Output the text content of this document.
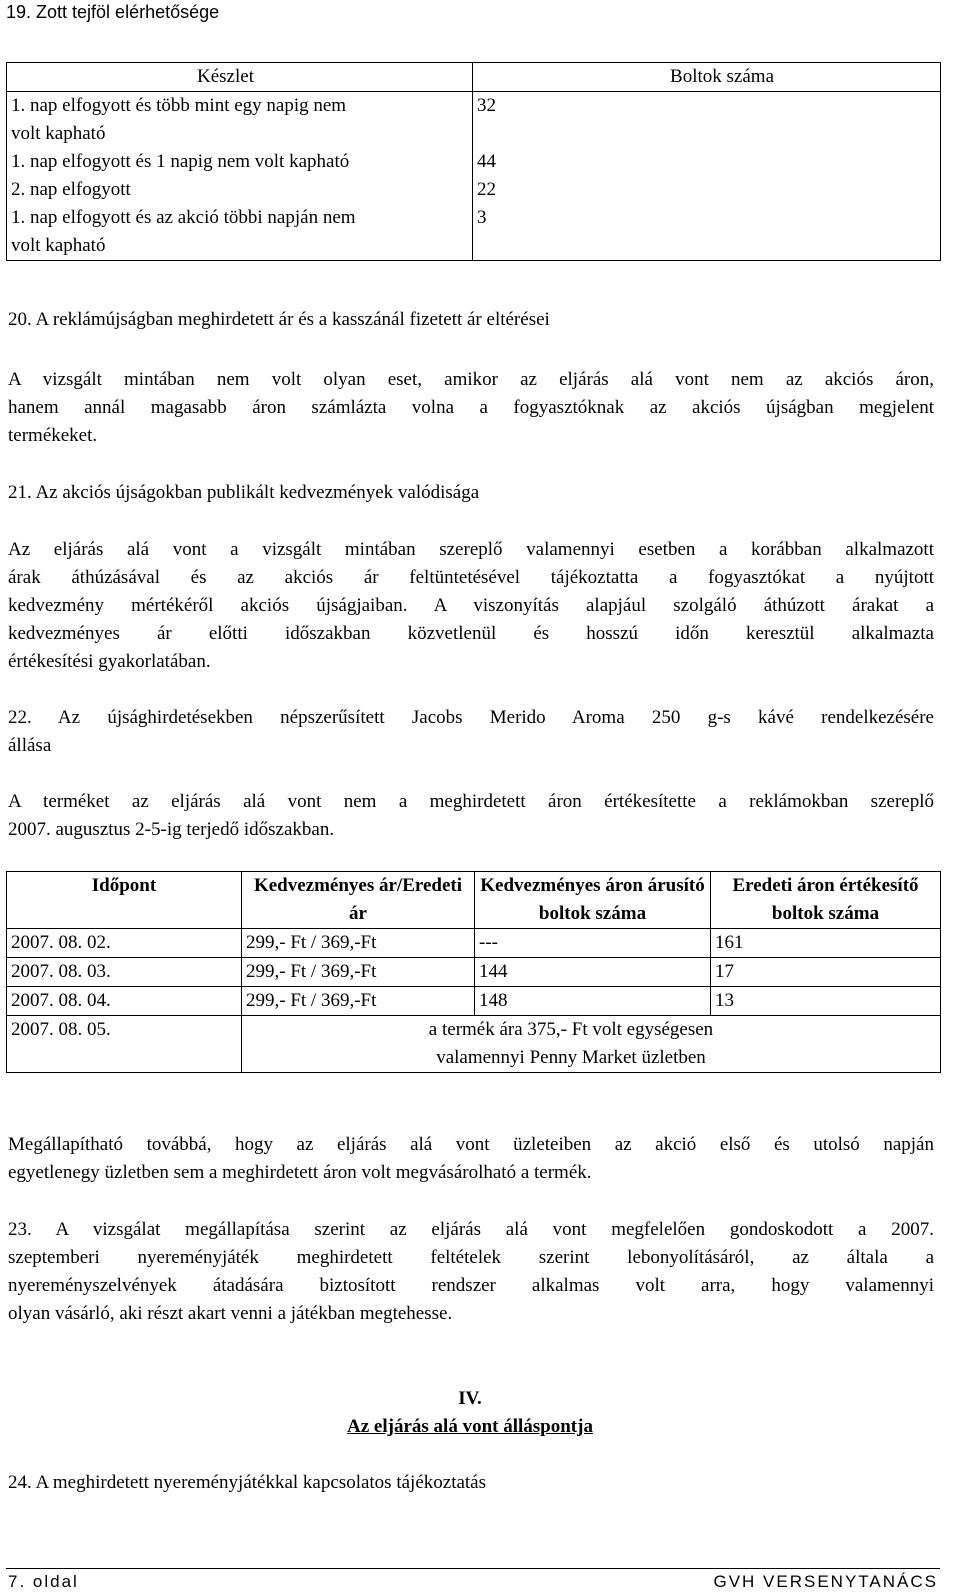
19. Zott tejföl elérhetősége
Készlet	Boltok száma

1. nap elfogyott és több mint egy napig nem
volt kapható	32
1. nap elfogyott és 1 napig nem volt kapható	44
2. nap elfogyott	22

1. nap elfogyott és az akció többi napján nem
volt kapható	3
20. A reklámújságban meghirdetett ár és a kasszánál fizetett ár eltérései
A vizsgált mintában nem volt olyan eset, amikor az eljárás alá vont nem az akciós áron,
hanem annál magasabb áron számlázta volna a fogyasztóknak az akciós újságban megjelent
termékeket.
21. Az akciós újságokban publikált kedvezmények valódisága
Az eljárás alá vont a vizsgált mintában szereplő valamennyi esetben a korábban alkalmazott
árak áthúzásával és az akciós ár feltüntetésével tájékoztatta a fogyasztókat a nyújtott
kedvezmény mértékéről akciós újságjaiban. A viszonyítás alapjául szolgáló áthúzott árakat a
kedvezményes ár előtti időszakban közvetlenül és hosszú időn keresztül alkalmazta
értékesítési gyakorlatában.
22. Az újsághirdetésekben népszerűsített Jacobs Merido Aroma 250 g-s kávé rendelkezésére
állása
A terméket az eljárás alá vont nem a meghirdetett áron értékesítette a reklámokban szereplő
2007. augusztus 2-5-ig terjedő időszakban.
Időpont	Kedvezményes ár/Eredeti ár	Kedvezményes áron árusító boltok száma	Eredeti áron értékesítő boltok száma
2007. 08. 02.	299,- Ft / 369,-Ft	---	161
2007. 08. 03.	299,- Ft / 369,-Ft	144	17
2007. 08. 04.	299,- Ft / 369,-Ft	148	13
2007. 08. 05.	a termék ára 375,- Ft volt egységesen
valamennyi Penny Market üzletben		
Megállapítható továbbá, hogy az eljárás alá vont üzleteiben az akció első és utolsó napján
egyetlenegy üzletben sem a meghirdetett áron volt megvásárolható a termék.
23. A vizsgálat megállapítása szerint az eljárás alá vont megfelelően gondoskodott a 2007.
szeptemberi nyereményjáték meghirdetett feltételek szerint lebonyolításáról, az általa a
nyereményszelvények átadására biztosított rendszer alkalmas volt arra, hogy valamennyi
olyan vásárló, aki részt akart venni a játékban megtehesse.
IV.
Az eljárás alá vont álláspontja
24. A meghirdetett nyereményjátékkal kapcsolatos tájékoztatás
7. oldal	GVH VERSENYTANÁCS
